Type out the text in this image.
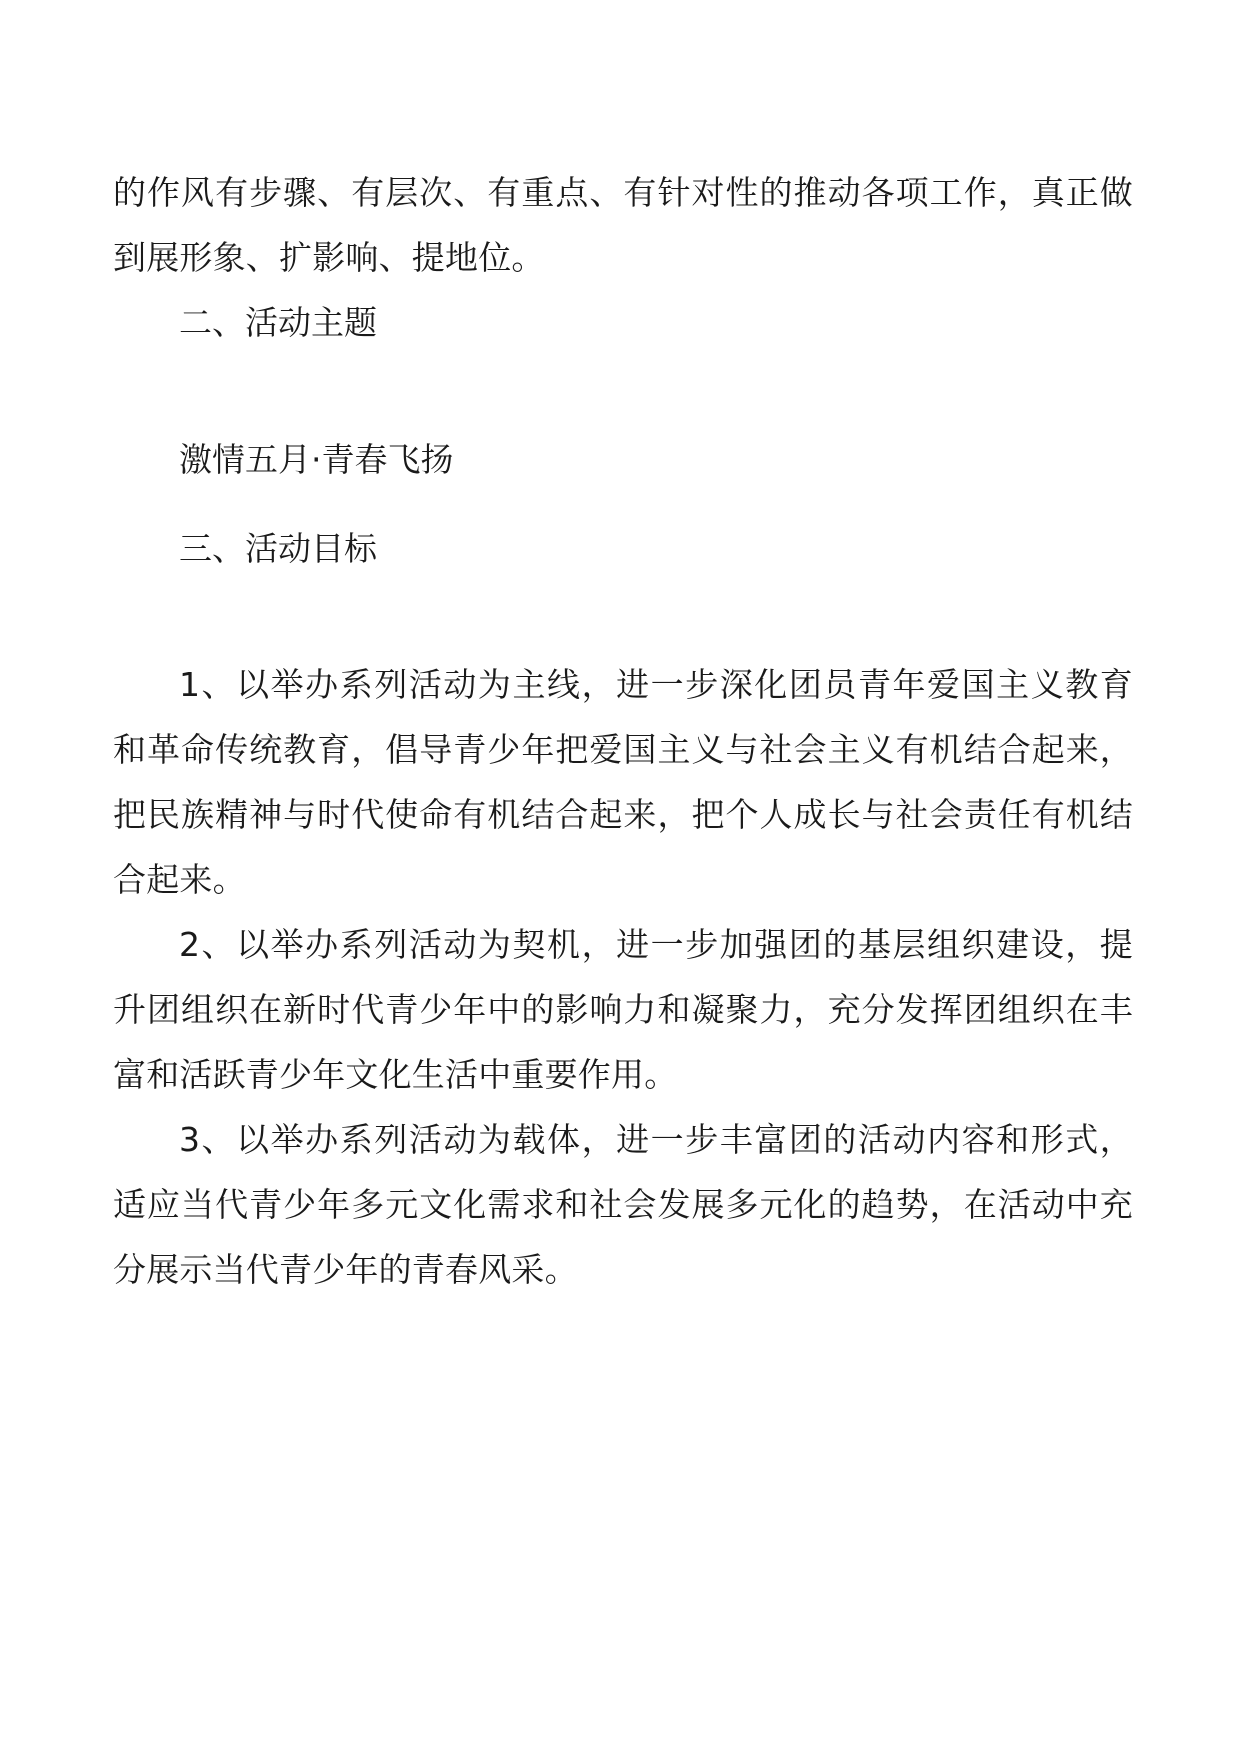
的作风有步骤、有层次、有重点、有针对性的推动各项工作，真正做
到展形象、扩影响、提地位。

二、活动主题

激情五月·青春飞扬

三、活动目标

1、以举办系列活动为主线，进一步深化团员青年爱国主义教育
和革命传统教育，倡导青少年把爱国主义与社会主义有机结合起来，
把民族精神与时代使命有机结合起来，把个人成长与社会责任有机结
合起来。

2、以举办系列活动为契机，进一步加强团的基层组织建设，提
升团组织在新时代青少年中的影响力和凝聚力，充分发挥团组织在丰
富和活跃青少年文化生活中重要作用。

3、以举办系列活动为载体，进一步丰富团的活动内容和形式，
适应当代青少年多元文化需求和社会发展多元化的趋势，在活动中充
分展示当代青少年的青春风采。
